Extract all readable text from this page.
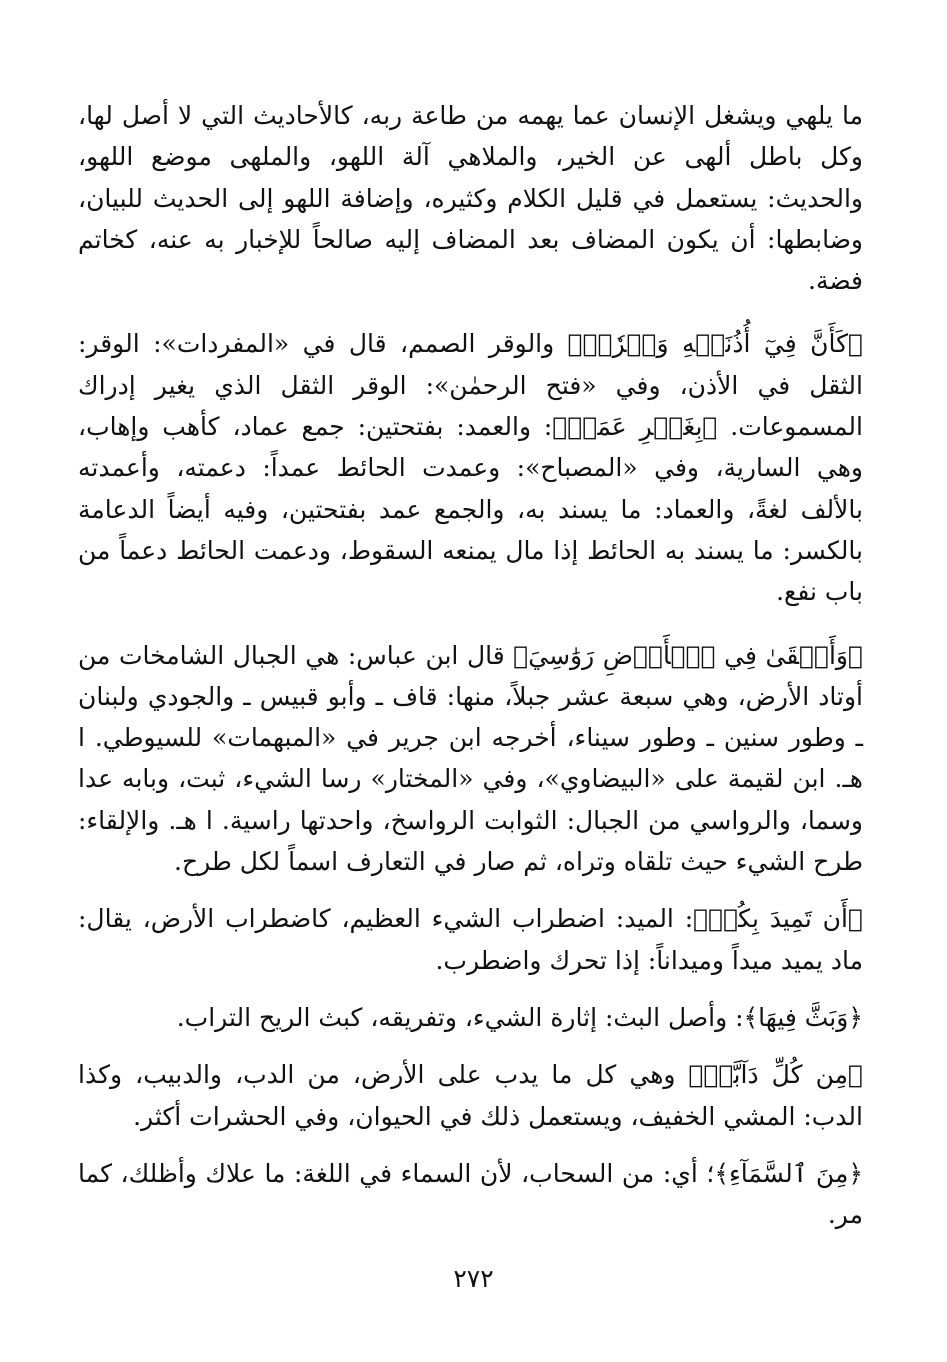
ما يلهي ويشغل الإنسان عما يهمه من طاعة ربه، كالأحاديث التي لا أصل لها، وكل باطل ألهى عن الخير، والملاهي آلة اللهو، والملهى موضع اللهو، والحديث: يستعمل في قليل الكلام وكثيره، وإضافة اللهو إلى الحديث للبيان، وضابطها: أن يكون المضاف بعد المضاف إليه صالحاً للإخبار به عنه، كخاتم فضة.

﴿كَأَنَّ فِيٓ أُذُنَيۡهِ وَقۡرٗاۖ﴾ والوقر الصمم، قال في «المفردات»: الوقر: الثقل في الأذن، وفي «فتح الرحمٰن»: الوقر الثقل الذي يغير إدراك المسموعات. ﴿بِغَيۡرِ عَمَدٖ﴾: والعمد: بفتحتين: جمع عماد، كأهب وإهاب، وهي السارية، وفي «المصباح»: وعمدت الحائط عمداً: دعمته، وأعمدته بالألف لغةً، والعماد: ما يسند به، والجمع عمد بفتحتين، وفيه أيضاً الدعامة بالكسر: ما يسند به الحائط إذا مال يمنعه السقوط، ودعمت الحائط دعماً من باب نفع.

﴿وَأَلۡقَىٰ فِي ٱلۡأَرۡضِ رَوَٰسِيَ﴾ قال ابن عباس: هي الجبال الشامخات من أوتاد الأرض، وهي سبعة عشر جبلاً، منها: قاف ـ وأبو قبيس ـ والجودي ولبنان ـ وطور سنين ـ وطور سيناء، أخرجه ابن جرير في «المبهمات» للسيوطي. ا هـ. ابن لقيمة على «البيضاوي»، وفي «المختار» رسا الشيء، ثبت، وبابه عدا وسما، والرواسي من الجبال: الثوابت الرواسخ، واحدتها راسية. ا هـ. والإلقاء: طرح الشيء حيث تلقاه وتراه، ثم صار في التعارف اسماً لكل طرح.

﴿أَن تَمِيدَ بِكُمۡ﴾: الميد: اضطراب الشيء العظيم، كاضطراب الأرض، يقال: ماد يميد ميداً وميداناً: إذا تحرك واضطرب.

﴿وَبَثَّ فِيهَا﴾: وأصل البث: إثارة الشيء، وتفريقه، كبث الريح التراب.

﴿مِن كُلِّ دَآبَّةٖ﴾ وهي كل ما يدب على الأرض، من الدب، والدبيب، وكذا الدب: المشي الخفيف، ويستعمل ذلك في الحيوان، وفي الحشرات أكثر.

﴿مِنَ ٱلسَّمَآءِ﴾؛ أي: من السحاب، لأن السماء في اللغة: ما علاك وأظلك، كما مر.

٢٧٢
